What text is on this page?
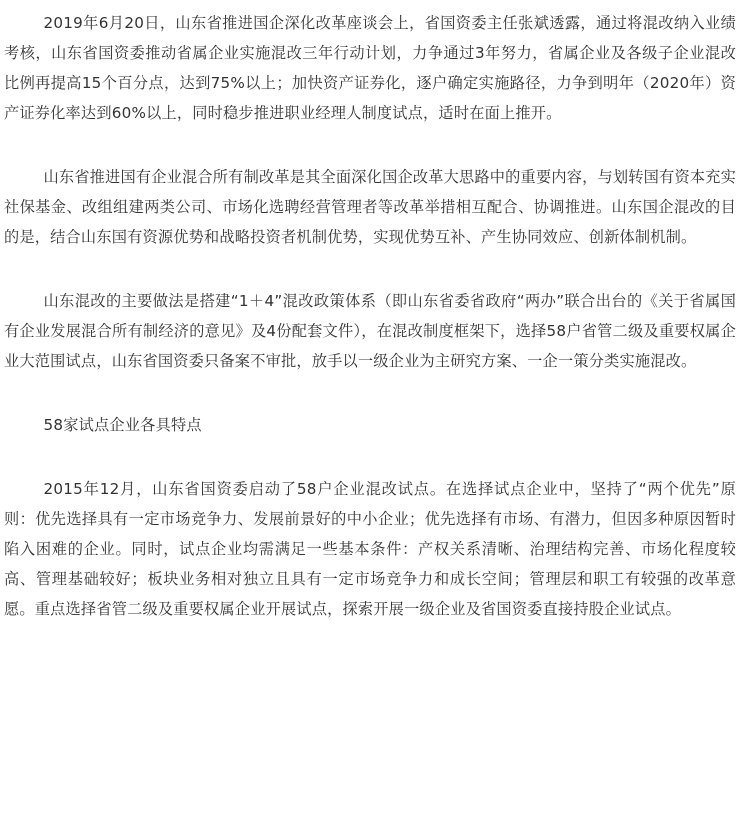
2019年6月20日，山东省推进国企深化改革座谈会上，省国资委主任张斌透露，通过将混改纳入业绩考核，山东省国资委推动省属企业实施混改三年行动计划，力争通过3年努力，省属企业及各级子企业混改比例再提高15个百分点，达到75%以上；加快资产证券化，逐户确定实施路径，力争到明年（2020年）资产证券化率达到60%以上，同时稳步推进职业经理人制度试点，适时在面上推开。

山东省推进国有企业混合所有制改革是其全面深化国企改革大思路中的重要内容，与划转国有资本充实社保基金、改组组建两类公司、市场化选聘经营管理者等改革举措相互配合、协调推进。山东国企混改的目的是，结合山东国有资源优势和战略投资者机制优势，实现优势互补、产生协同效应、创新体制机制。

山东混改的主要做法是搭建“1＋4”混改政策体系（即山东省委省政府“两办”联合出台的《关于省属国有企业发展混合所有制经济的意见》及4份配套文件），在混改制度框架下，选择58户省管二级及重要权属企业大范围试点，山东省国资委只备案不审批，放手以一级企业为主研究方案、一企一策分类实施混改。

58家试点企业各具特点

2015年12月，山东省国资委启动了58户企业混改试点。在选择试点企业中，坚持了“两个优先”原则：优先选择具有一定市场竞争力、发展前景好的中小企业；优先选择有市场、有潜力，但因多种原因暂时陷入困难的企业。同时，试点企业均需满足一些基本条件：产权关系清晰、治理结构完善、市场化程度较高、管理基础较好；板块业务相对独立且具有一定市场竞争力和成长空间；管理层和职工有较强的改革意愿。重点选择省管二级及重要权属企业开展试点，探索开展一级企业及省国资委直接持股企业试点。
